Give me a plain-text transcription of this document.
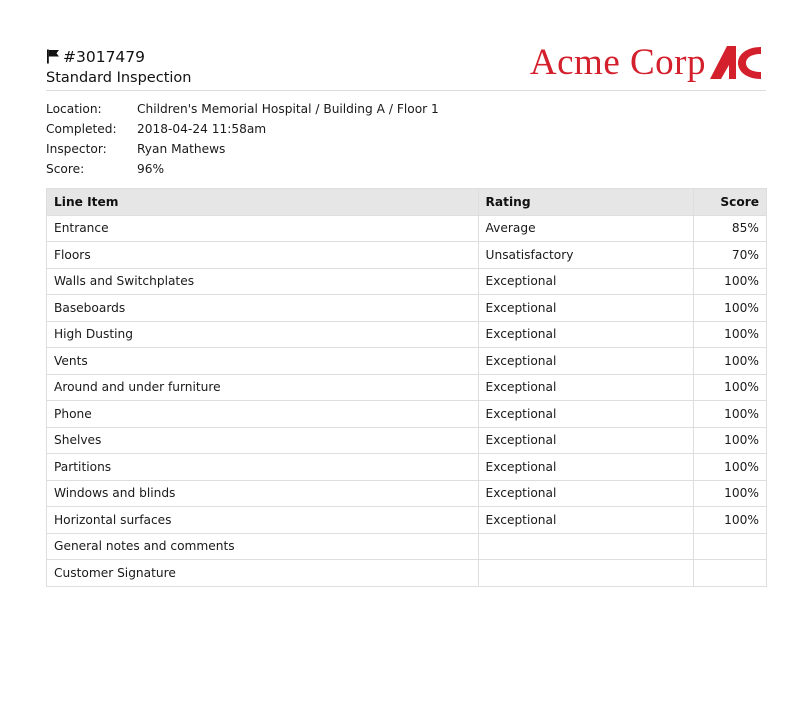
#3017479
Standard Inspection	Acme Corp
Location:	Children's Memorial Hospital / Building A / Floor 1
Completed:	2018-04-24 11:58am
Inspector:	Ryan Mathews
Score:	96%
Line Item	Rating	Score
Entrance	Average	85%
Floors	Unsatisfactory	70%
Walls and Switchplates	Exceptional	100%
Baseboards	Exceptional	100%
High Dusting	Exceptional	100%
Vents	Exceptional	100%
Around and under furniture	Exceptional	100%
Phone	Exceptional	100%
Shelves	Exceptional	100%
Partitions	Exceptional	100%
Windows and blinds	Exceptional	100%
Horizontal surfaces	Exceptional	100%
General notes and comments		
Customer Signature		
